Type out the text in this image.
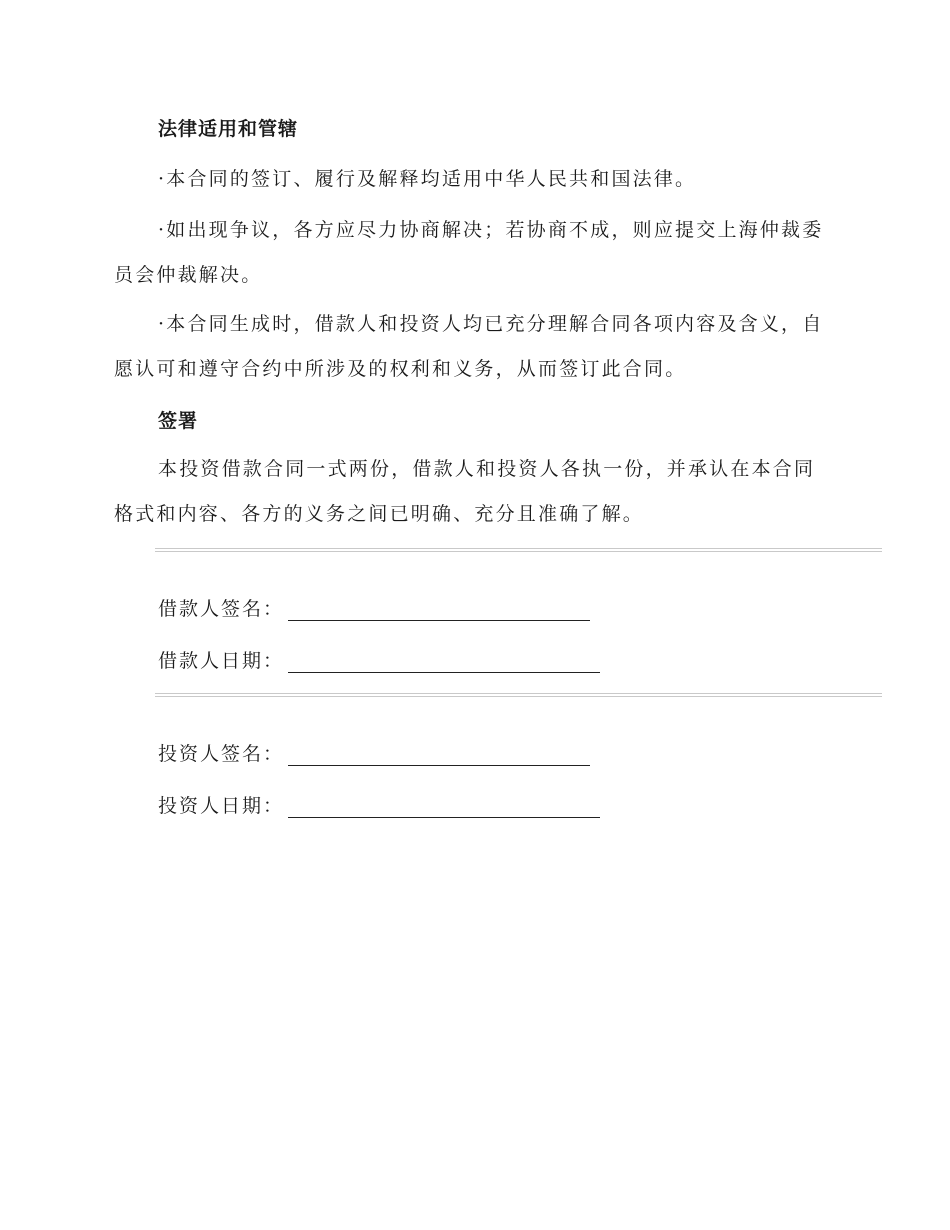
法律适用和管辖

·本合同的签订、履行及解释均适用中华人民共和国法律。

·如出现争议，各方应尽力协商解决；若协商不成，则应提交上海仲裁委员会仲裁解决。

·本合同生成时，借款人和投资人均已充分理解合同各项内容及含义，自愿认可和遵守合约中所涉及的权利和义务，从而签订此合同。

签署

本投资借款合同一式两份，借款人和投资人各执一份，并承认在本合同格式和内容、各方的义务之间已明确、充分且准确了解。

借款人签名：
借款人日期：
投资人签名：
投资人日期：
